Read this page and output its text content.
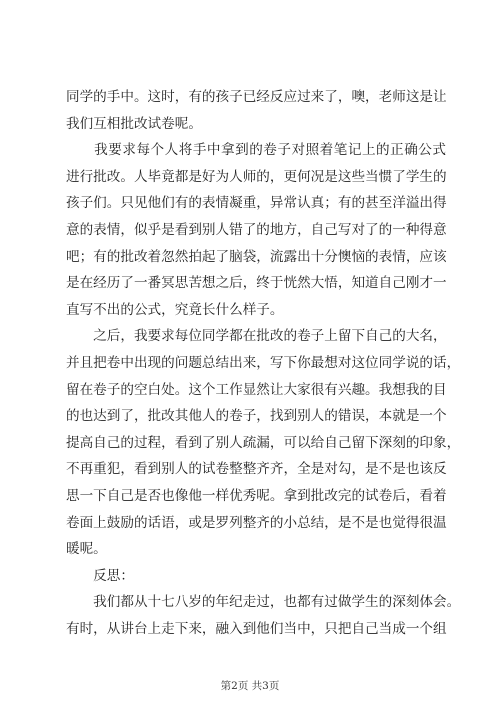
同学的手中。这时，有的孩子已经反应过来了，噢，老师这是让
我们互相批改试卷呢。
　　我要求每个人将手中拿到的卷子对照着笔记上的正确公式
进行批改。人毕竟都是好为人师的，更何况是这些当惯了学生的
孩子们。只见他们有的表情凝重，异常认真；有的甚至洋溢出得
意的表情，似乎是看到别人错了的地方，自己写对了的一种得意
吧；有的批改着忽然拍起了脑袋，流露出十分懊恼的表情，应该
是在经历了一番冥思苦想之后，终于恍然大悟，知道自己刚才一
直写不出的公式，究竟长什么样子。
　　之后，我要求每位同学都在批改的卷子上留下自己的大名，
并且把卷中出现的问题总结出来，写下你最想对这位同学说的话，
留在卷子的空白处。这个工作显然让大家很有兴趣。我想我的目
的也达到了，批改其他人的卷子，找到别人的错误，本就是一个
提高自己的过程，看到了别人疏漏，可以给自己留下深刻的印象，
不再重犯，看到别人的试卷整整齐齐，全是对勾，是不是也该反
思一下自己是否也像他一样优秀呢。拿到批改完的试卷后，看着
卷面上鼓励的话语，或是罗列整齐的小总结，是不是也觉得很温
暖呢。
　　反思：
　　我们都从十七八岁的年纪走过，也都有过做学生的深刻体会。
有时，从讲台上走下来，融入到他们当中，只把自己当成一个组
第2页 共3页
